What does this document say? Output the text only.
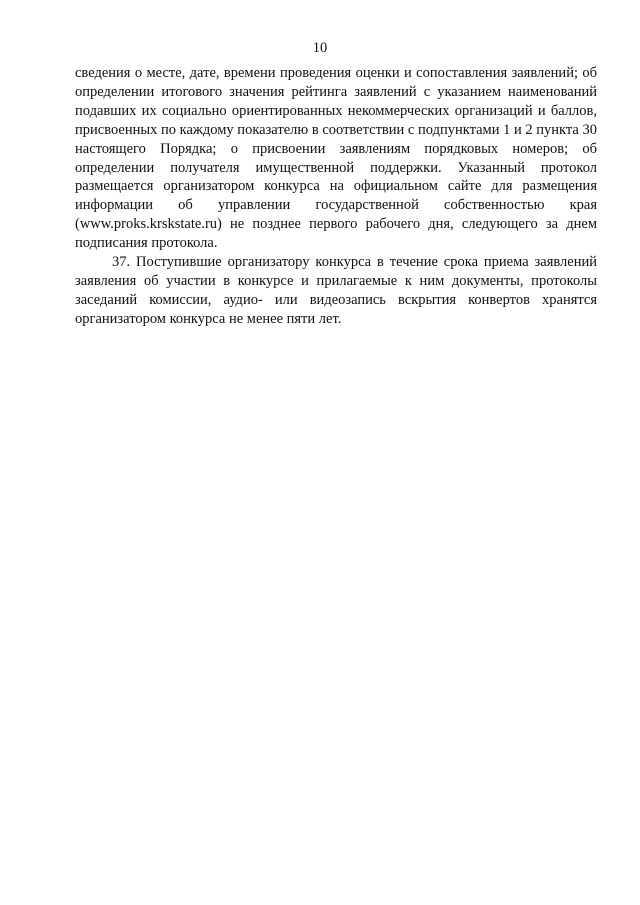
10

сведения о месте, дате, времени проведения оценки и сопоставления заявлений; об определении итогового значения рейтинга заявлений с указанием наименований подавших их социально ориентированных некоммерческих организаций и баллов, присвоенных по каждому показателю в соответствии с подпунктами 1 и 2 пункта 30 настоящего Порядка; о присвоении заявлениям порядковых номеров; об определении получателя имущественной поддержки. Указанный протокол размещается организатором конкурса на официальном сайте для размещения информации об управлении государственной собственностью края (www.proks.krskstate.ru) не позднее первого рабочего дня, следующего за днем подписания протокола.

37. Поступившие организатору конкурса в течение срока приема заявлений заявления об участии в конкурсе и прилагаемые к ним документы, протоколы заседаний комиссии, аудио- или видеозапись вскрытия конвертов хранятся организатором конкурса не менее пяти лет.
